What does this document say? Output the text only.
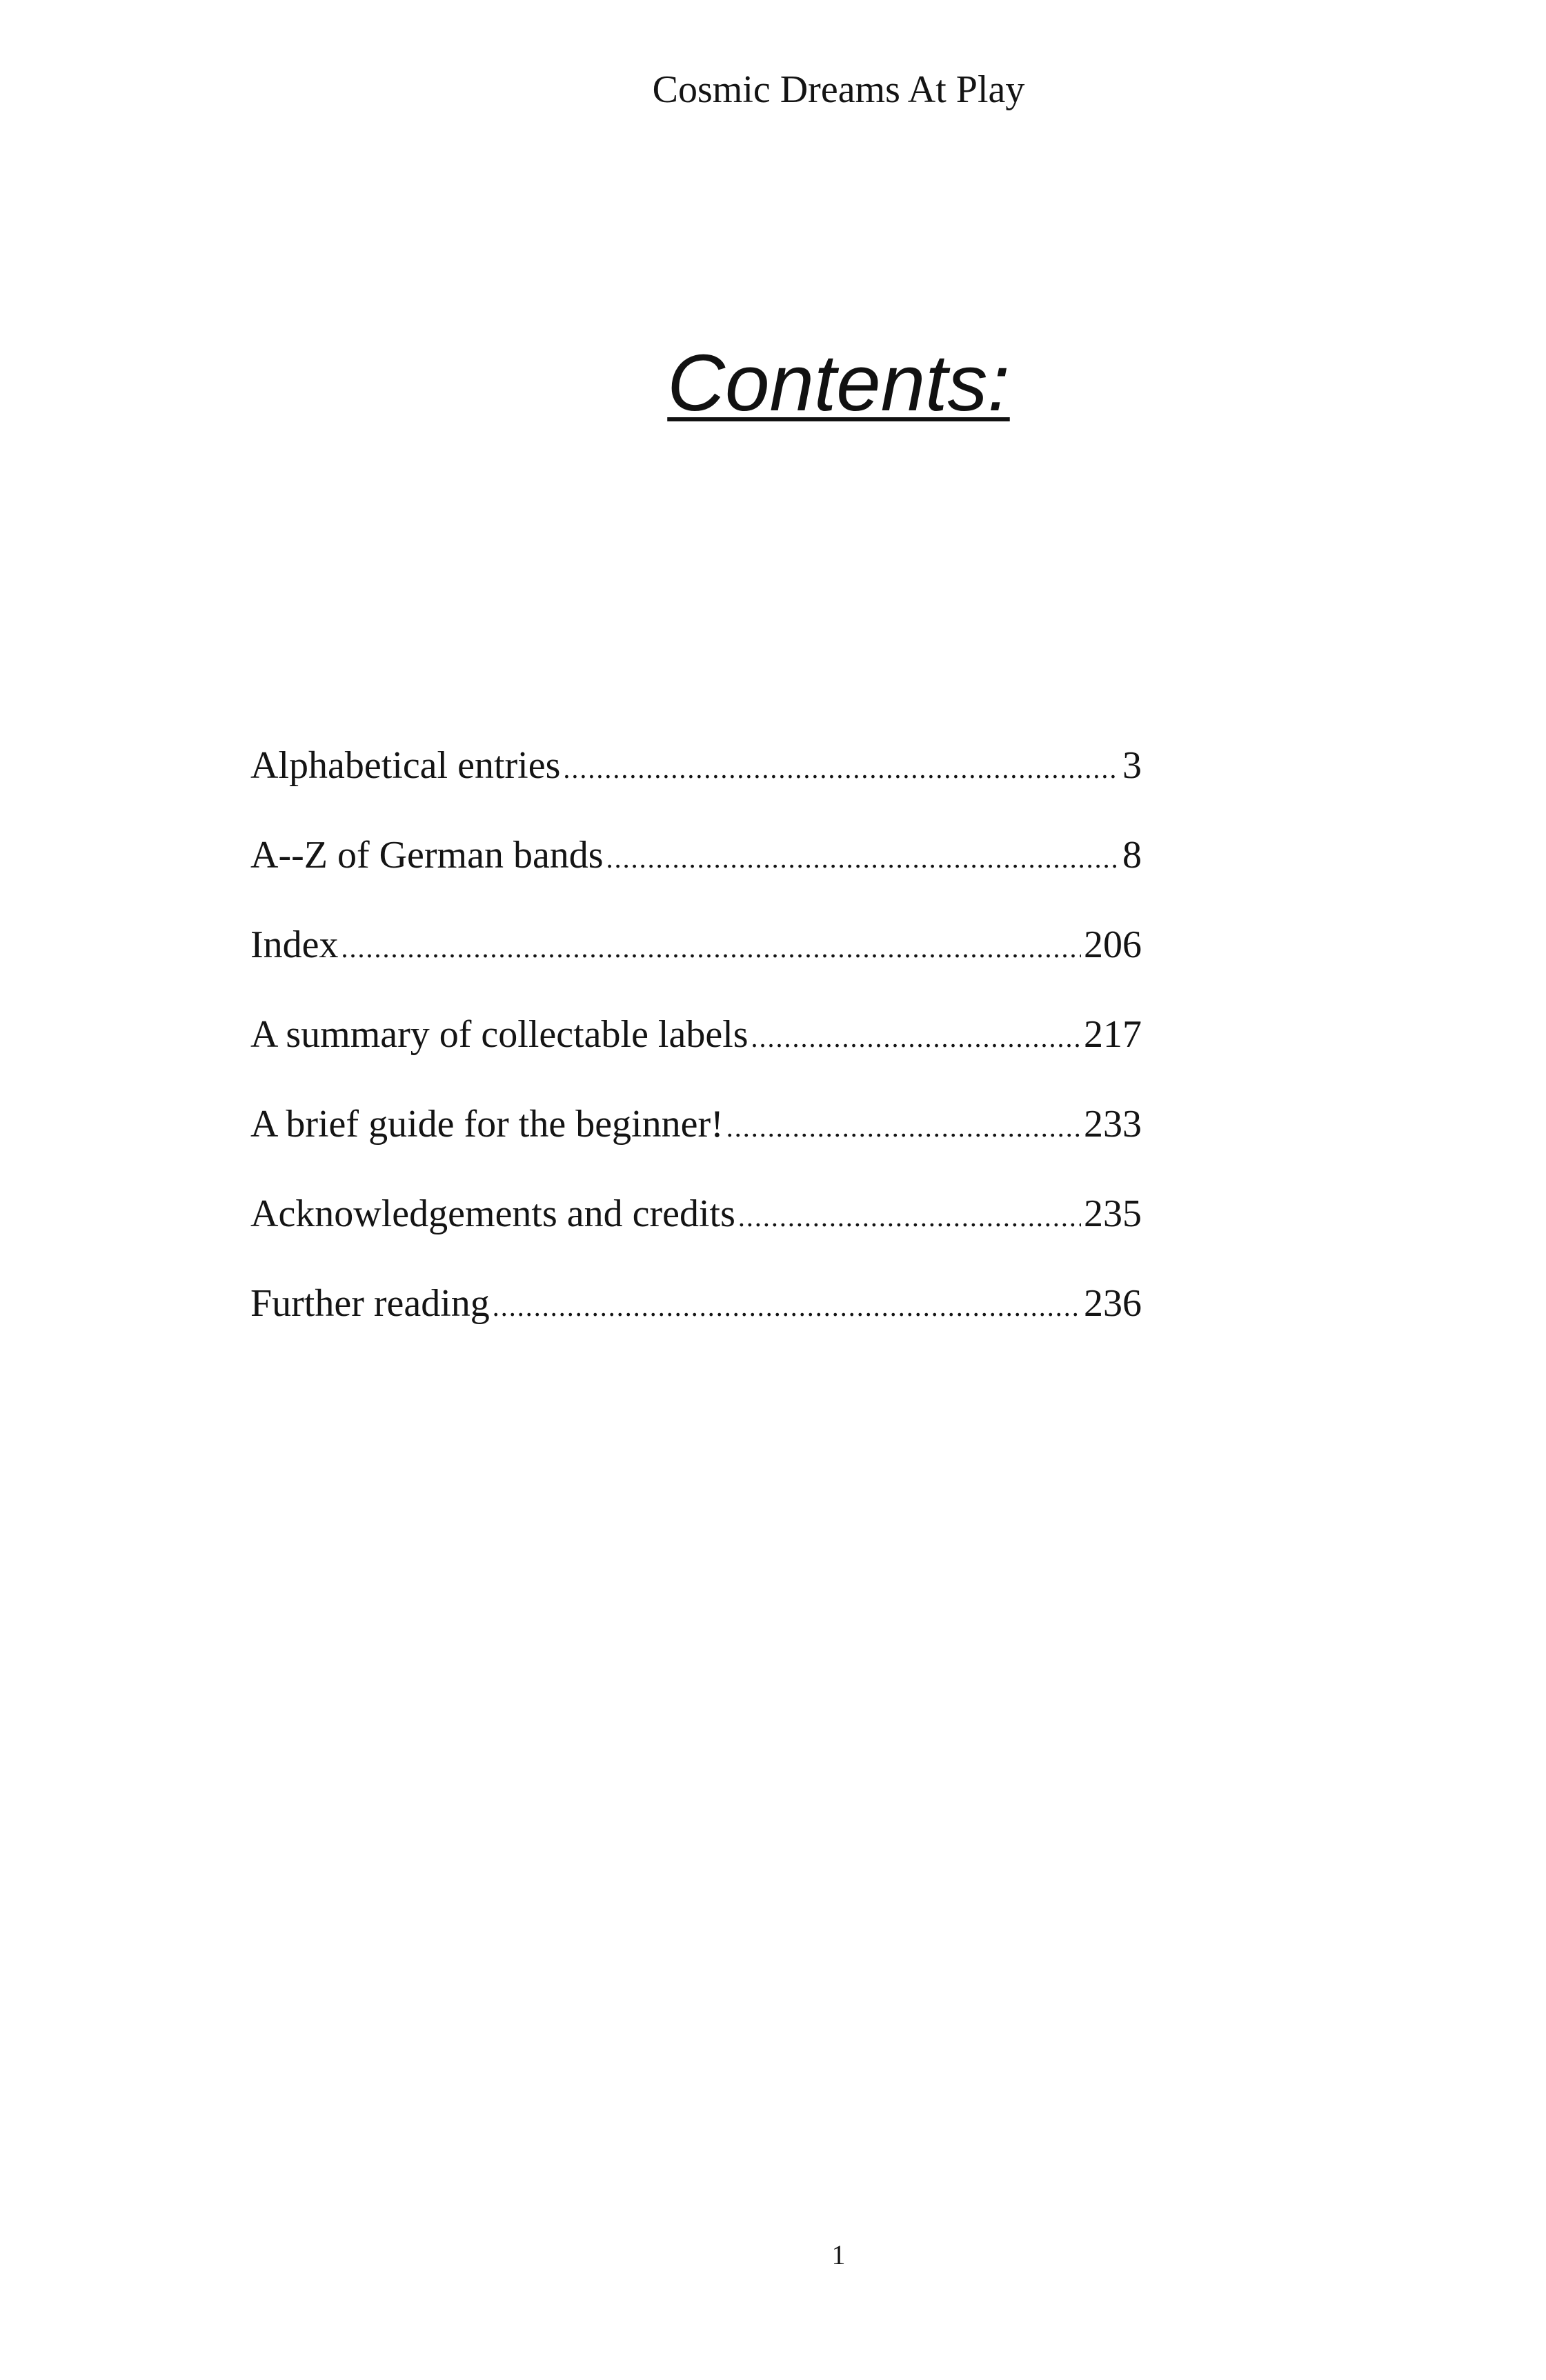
Cosmic Dreams At Play
Contents:
Alphabetical entries . . .	3
A--Z of German bands . . .	8
Index . . .	206
A summary of collectable labels . . .	217
A brief guide for the beginner! . . .	233
Acknowledgements and credits . . .	235
Further reading . . .	236
1
